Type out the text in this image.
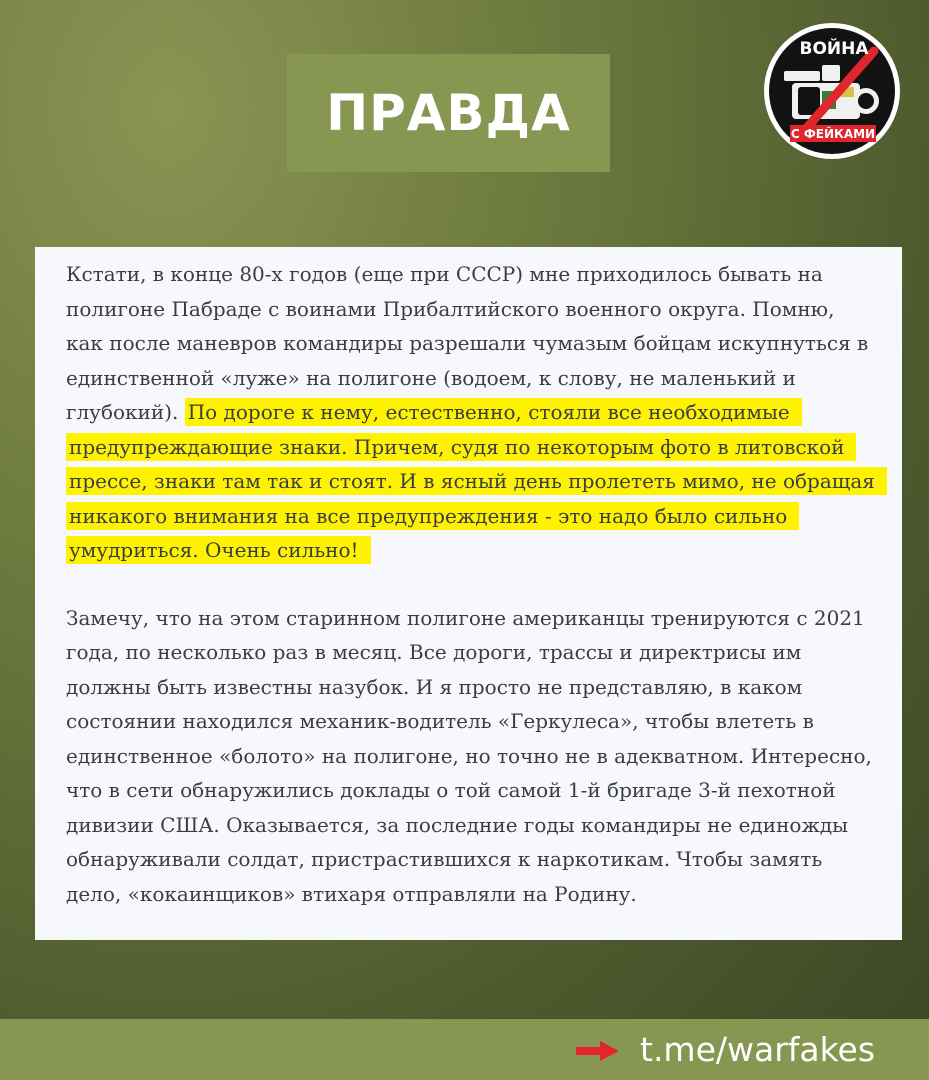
ПРАВДА
ВОЙНА
С ФЕЙКАМИ

Кстати, в конце 80-х годов (еще при СССР) мне приходилось бывать на полигоне Пабраде с воинами Прибалтийского военного округа. Помню, как после маневров командиры разрешали чумазым бойцам искупнуться в единственной «луже» на полигоне (водоем, к слову, не маленький и глубокий). По дороге к нему, естественно, стояли все необходимые предупреждающие знаки. Причем, судя по некоторым фото в литовской прессе, знаки там так и стоят. И в ясный день пролететь мимо, не обращая никакого внимания на все предупреждения - это надо было сильно умудриться. Очень сильно!

Замечу, что на этом старинном полигоне американцы тренируются с 2021 года, по несколько раз в месяц. Все дороги, трассы и директрисы им должны быть известны назубок. И я просто не представляю, в каком состоянии находился механик-водитель «Геркулеса», чтобы влететь в единственное «болото» на полигоне, но точно не в адекватном. Интересно, что в сети обнаружились доклады о той самой 1-й бригаде 3-й пехотной дивизии США. Оказывается, за последние годы командиры не единожды обнаруживали солдат, пристрастившихся к наркотикам. Чтобы замять дело, «кокаинщиков» втихаря отправляли на Родину.

t.me/warfakes
